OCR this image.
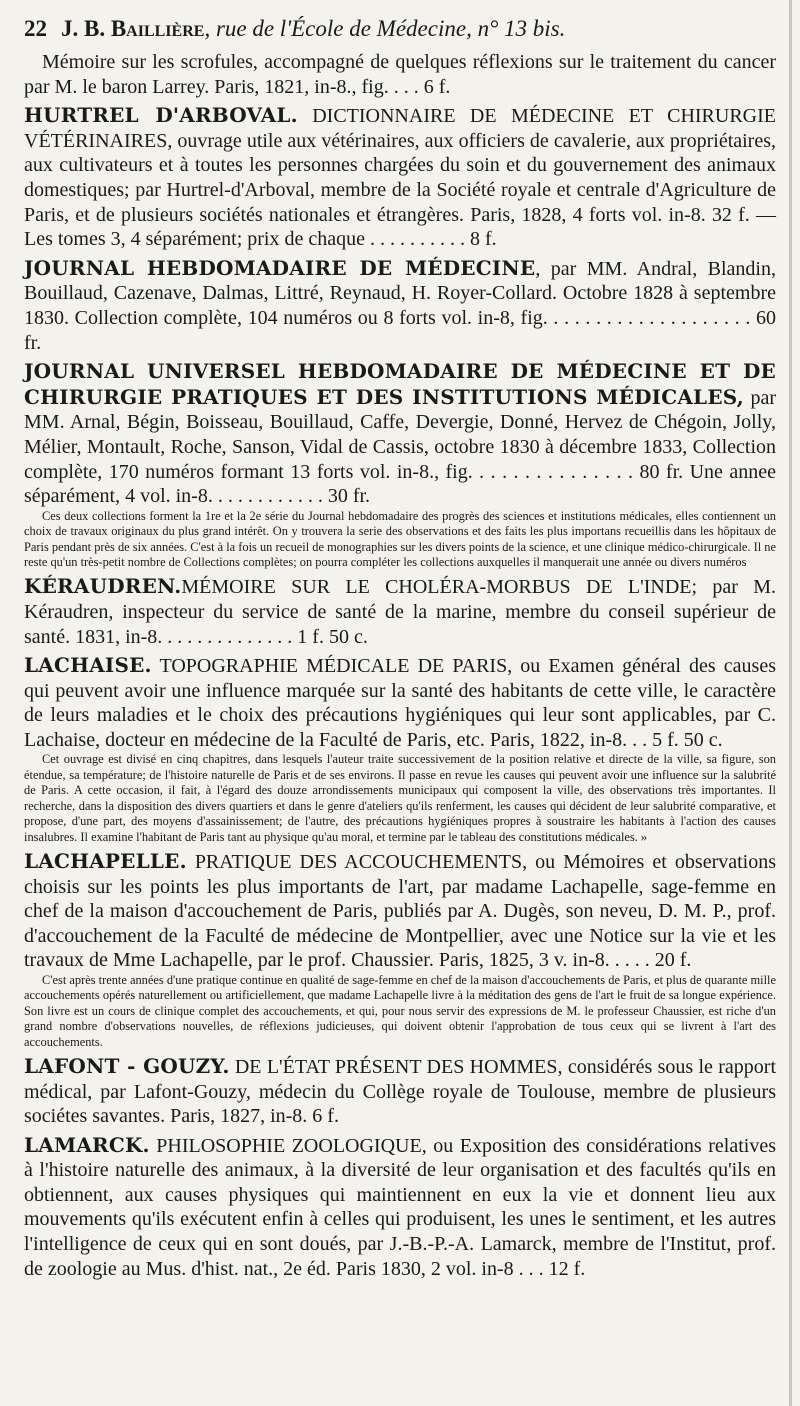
22 J. B. Baillière, rue de l'École de Médecine, n° 13 bis.

Mémoire sur les scrofules, accompagné de quelques réflexions sur le traitement du cancer par M. le baron Larrey. Paris, 1821, in-8., fig. . . . 6 f.

HURTREL D'ARBOVAL. DICTIONNAIRE DE MÉDECINE ET CHIRURGIE VÉTÉRINAIRES, ouvrage utile aux vétérinaires, aux officiers de cavalerie, aux propriétaires, aux cultivateurs et à toutes les personnes chargées du soin et du gouvernement des animaux domestiques; par Hurtrel-d'Arboval, membre de la Société royale et centrale d'Agriculture de Paris, et de plusieurs sociétés nationales et étrangères. Paris, 1828, 4 forts vol. in-8. 32 f. — Les tomes 3, 4 séparément; prix de chaque . . . . . . . . . . 8 f.

JOURNAL HEBDOMADAIRE DE MÉDECINE, par MM. Andral, Blandin, Bouillaud, Cazenave, Dalmas, Littré, Reynaud, H. Royer-Collard. Octobre 1828 à septembre 1830. Collection complète, 104 numéros ou 8 forts vol. in-8, fig. . . . . . . . . . . . . . . . . . . . 60 fr.

JOURNAL UNIVERSEL HEBDOMADAIRE DE MÉDECINE ET DE CHIRURGIE PRATIQUES ET DES INSTITUTIONS MÉDICALES, par MM. Arnal, Bégin, Boisseau, Bouillaud, Caffe, Devergie, Donné, Hervez de Chégoin, Jolly, Mélier, Montault, Roche, Sanson, Vidal de Cassis, octobre 1830 à décembre 1833, Collection complète, 170 numéros formant 13 forts vol. in-8., fig. . . . . . . . . . . . . . . 80 fr. Une annee séparément, 4 vol. in-8. . . . . . . . . . . . 30 fr.

Ces deux collections forment la 1re et la 2e série du Journal hebdomadaire des progrès des sciences et institutions médicales, elles contiennent un choix de travaux originaux du plus grand intérêt. On y trouvera la serie des observations et des faits les plus importans recueillis dans les hôpitaux de Paris pendant près de six années. C'est à la fois un recueil de monographies sur les divers points de la science, et une clinique médico-chirurgicale. Il ne reste qu'un très-petit nombre de Collections complètes; on pourra compléter les collections auxquelles il manquerait une année ou divers numéros

KÉRAUDREN.MÉMOIRE SUR LE CHOLÉRA-MORBUS DE L'INDE; par M. Kéraudren, inspecteur du service de santé de la marine, membre du conseil supérieur de santé. 1831, in-8. . . . . . . . . . . . . . 1 f. 50 c.

LACHAISE. TOPOGRAPHIE MÉDICALE DE PARIS, ou Examen général des causes qui peuvent avoir une influence marquée sur la santé des habitants de cette ville, le caractère de leurs maladies et le choix des précautions hygiéniques qui leur sont applicables, par C. Lachaise, docteur en médecine de la Faculté de Paris, etc. Paris, 1822, in-8. . . 5 f. 50 c.

Cet ouvrage est divisé en cinq chapitres, dans lesquels l'auteur traite successivement de la position relative et directe de la ville, sa figure, son étendue, sa température; de l'histoire naturelle de Paris et de ses environs. Il passe en revue les causes qui peuvent avoir une influence sur la salubrité de Paris. A cette occasion, il fait, à l'égard des douze arrondissements municipaux qui composent la ville, des observations très importantes. Il recherche, dans la disposition des divers quartiers et dans le genre d'ateliers qu'ils renferment, les causes qui décident de leur salubrité comparative, et propose, d'une part, des moyens d'assainissement; de l'autre, des précautions hygiéniques propres à soustraire les habitants à l'action des causes insalubres. Il examine l'habitant de Paris tant au physique qu'au moral, et termine par le tableau des constitutions médicales. »

LACHAPELLE. PRATIQUE DES ACCOUCHEMENTS, ou Mémoires et observations choisis sur les points les plus importants de l'art, par madame Lachapelle, sage-femme en chef de la maison d'accouchement de Paris, publiés par A. Dugès, son neveu, D. M. P., prof. d'accouchement de la Faculté de médecine de Montpellier, avec une Notice sur la vie et les travaux de Mme Lachapelle, par le prof. Chaussier. Paris, 1825, 3 v. in-8. . . . . 20 f.

C'est après trente années d'une pratique continue en qualité de sage-femme en chef de la maison d'accouchements de Paris, et plus de quarante mille accouchements opérés naturellement ou artificiellement, que madame Lachapelle livre à la méditation des gens de l'art le fruit de sa longue expérience. Son livre est un cours de clinique complet des accouchements, et qui, pour nous servir des expressions de M. le professeur Chaussier, est riche d'un grand nombre d'observations nouvelles, de réflexions judicieuses, qui doivent obtenir l'approbation de tous ceux qui se livrent à l'art des accouchements.

LAFONT - GOUZY. DE L'ÉTAT PRÉSENT DES HOMMES, considérés sous le rapport médical, par Lafont-Gouzy, médecin du Collège royale de Toulouse, membre de plusieurs sociétes savantes. Paris, 1827, in-8. 6 f.

LAMARCK. PHILOSOPHIE ZOOLOGIQUE, ou Exposition des considérations relatives à l'histoire naturelle des animaux, à la diversité de leur organisation et des facultés qu'ils en obtiennent, aux causes physiques qui maintiennent en eux la vie et donnent lieu aux mouvements qu'ils exécutent enfin à celles qui produisent, les unes le sentiment, et les autres l'intelligence de ceux qui en sont doués, par J.-B.-P.-A. Lamarck, membre de l'Institut, prof. de zoologie au Mus. d'hist. nat., 2e éd. Paris 1830, 2 vol. in-8 . . . 12 f.
